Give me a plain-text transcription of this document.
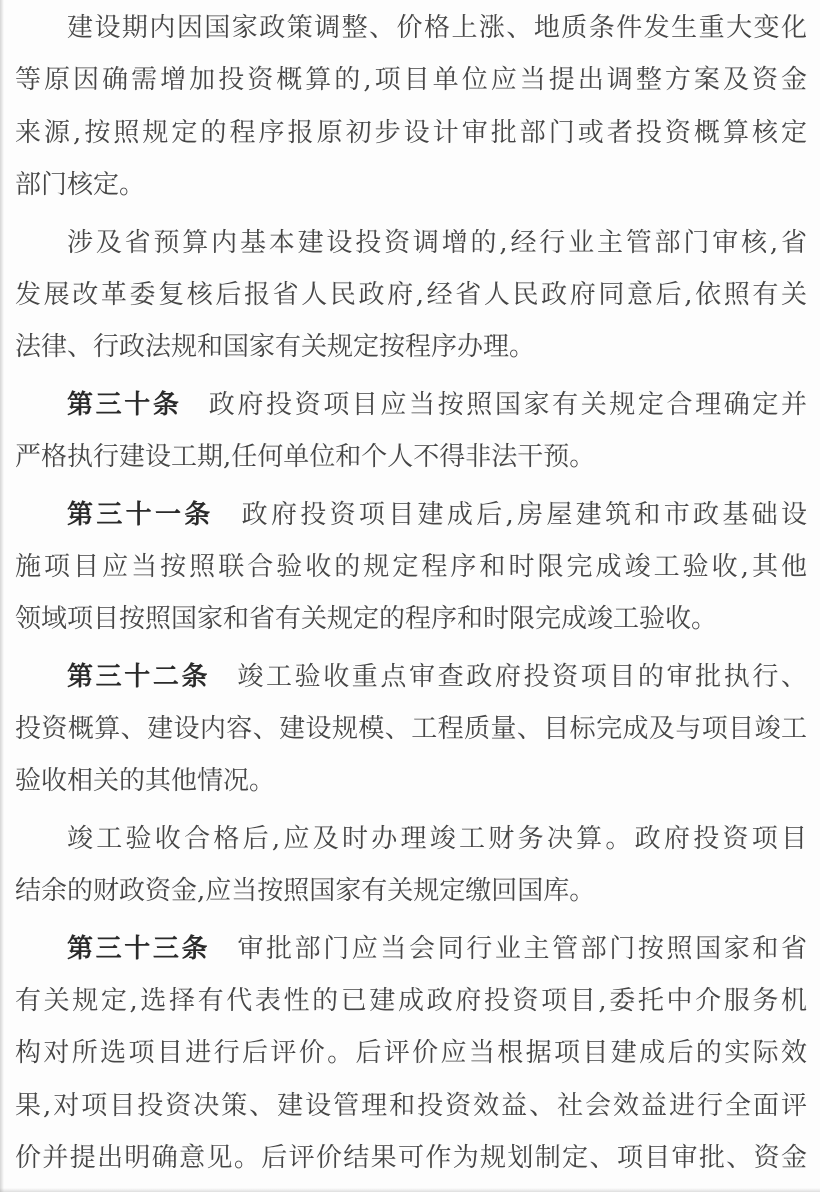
建设期内因国家政策调整、价格上涨、地质条件发生重大变化
等原因确需增加投资概算的,项目单位应当提出调整方案及资金
来源,按照规定的程序报原初步设计审批部门或者投资概算核定
部门核定。
涉及省预算内基本建设投资调增的,经行业主管部门审核,省
发展改革委复核后报省人民政府,经省人民政府同意后,依照有关
法律、行政法规和国家有关规定按程序办理。
第三十条 政府投资项目应当按照国家有关规定合理确定并
严格执行建设工期,任何单位和个人不得非法干预。
第三十一条 政府投资项目建成后,房屋建筑和市政基础设
施项目应当按照联合验收的规定程序和时限完成竣工验收,其他
领域项目按照国家和省有关规定的程序和时限完成竣工验收。
第三十二条 竣工验收重点审查政府投资项目的审批执行、
投资概算、建设内容、建设规模、工程质量、目标完成及与项目竣工
验收相关的其他情况。
竣工验收合格后,应及时办理竣工财务决算。政府投资项目
结余的财政资金,应当按照国家有关规定缴回国库。
第三十三条 审批部门应当会同行业主管部门按照国家和省
有关规定,选择有代表性的已建成政府投资项目,委托中介服务机
构对所选项目进行后评价。后评价应当根据项目建成后的实际效
果,对项目投资决策、建设管理和投资效益、社会效益进行全面评
价并提出明确意见。后评价结果可作为规划制定、项目审批、资金
